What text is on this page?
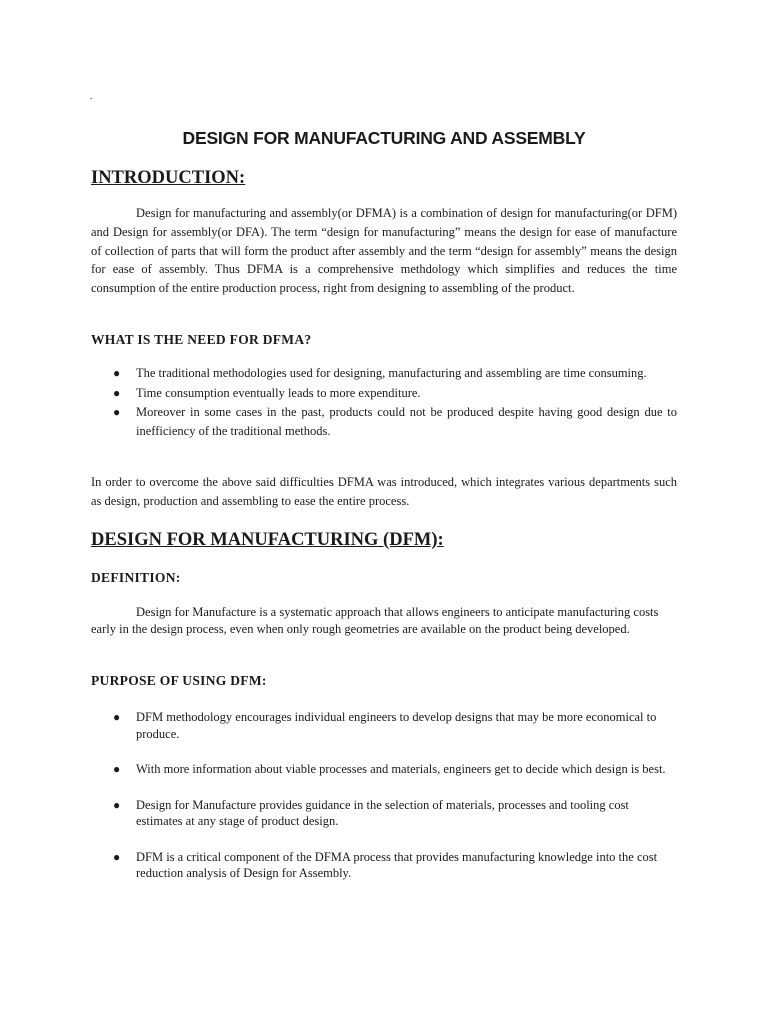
.
DESIGN FOR MANUFACTURING AND ASSEMBLY
INTRODUCTION:

Design for manufacturing and assembly(or DFMA) is a combination of design for manufacturing(or DFM) and Design for assembly(or DFA). The term “design for manufacturing” means the design for ease of manufacture of collection of parts that will form the product after assembly and the term “design for assembly” means the design for ease of assembly. Thus DFMA is a comprehensive methdology which simplifies and reduces the time consumption of the entire production process, right from designing to assembling of the product.

WHAT IS THE NEED FOR DFMA?
● The traditional methodologies used for designing, manufacturing and assembling are time consuming.
● Time consumption eventually leads to more expenditure.
● Moreover in some cases in the past, products could not be produced despite having good design due to inefficiency of the traditional methods.

In order to overcome the above said difficulties DFMA was introduced, which integrates various departments such as design, production and assembling to ease the entire process.

DESIGN FOR MANUFACTURING (DFM):
DEFINITION:

Design for Manufacture is a systematic approach that allows engineers to anticipate manufacturing costs early in the design process, even when only rough geometries are available on the product being developed.

PURPOSE OF USING DFM:
● DFM methodology encourages individual engineers to develop designs that may be more economical to produce.
● With more information about viable processes and materials, engineers get to decide which design is best.
● Design for Manufacture provides guidance in the selection of materials, processes and tooling cost estimates at any stage of product design.
● DFM is a critical component of the DFMA process that provides manufacturing knowledge into the cost reduction analysis of Design for Assembly.
